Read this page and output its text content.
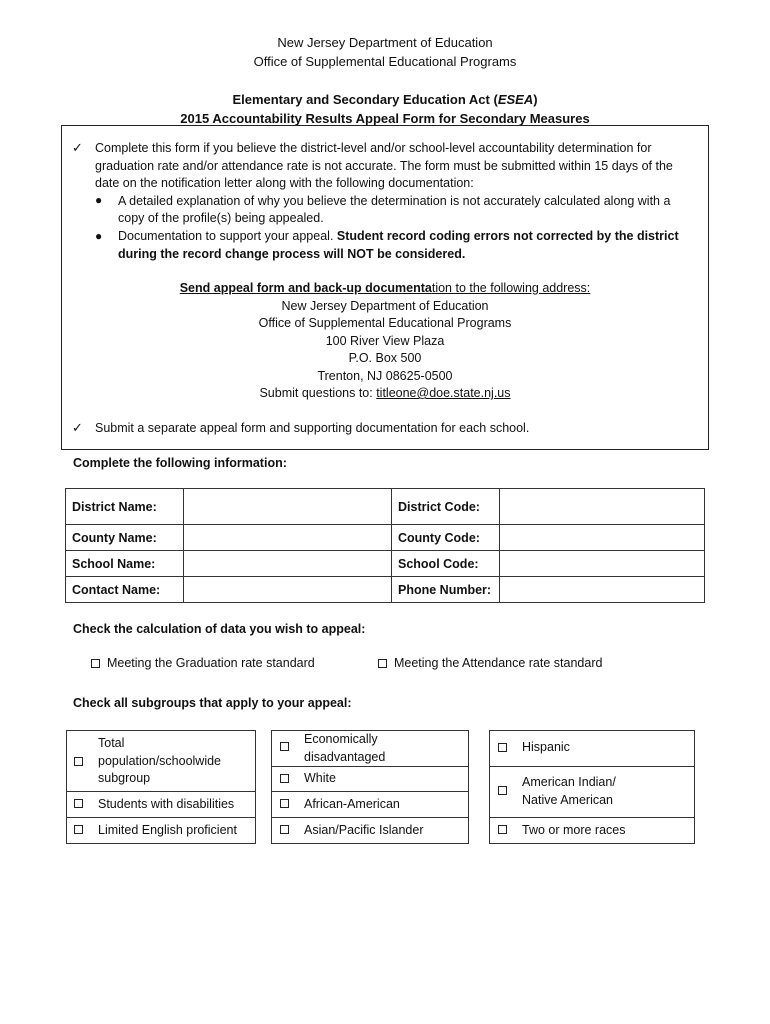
New Jersey Department of Education
Office of Supplemental Educational Programs
Elementary and Secondary Education Act (ESEA)
2015 Accountability Results Appeal Form for Secondary Measures
✓ Complete this form if you believe the district-level and/or school-level accountability determination for
graduation rate and/or attendance rate is not accurate. The form must be submitted within 15 days of the
date on the notification letter along with the following documentation:
● A detailed explanation of why you believe the determination is not accurately calculated along with a
copy of the profile(s) being appealed.
● Documentation to support your appeal. Student record coding errors not corrected by the district
during the record change process will NOT be considered.
Send appeal form and back-up documentation to the following address:
New Jersey Department of Education
Office of Supplemental Educational Programs
100 River View Plaza
P.O. Box 500
Trenton, NJ 08625-0500
Submit questions to: titleone@doe.state.nj.us
✓ Submit a separate appeal form and supporting documentation for each school.
Complete the following information:
District Name:		District Code:	
County Name:		County Code:	
School Name:		School Code:	
Contact Name:		Phone Number:	
Check the calculation of data you wish to appeal:
Meeting the Graduation rate standard	Meeting the Attendance rate standard
Check all subgroups that apply to your appeal:
Total
population/schoolwide
subgroup
Students with disabilities
Limited English proficient
Economically
disadvantaged
White
African-American
Asian/Pacific Islander
Hispanic
American Indian/
Native American
Two or more races
